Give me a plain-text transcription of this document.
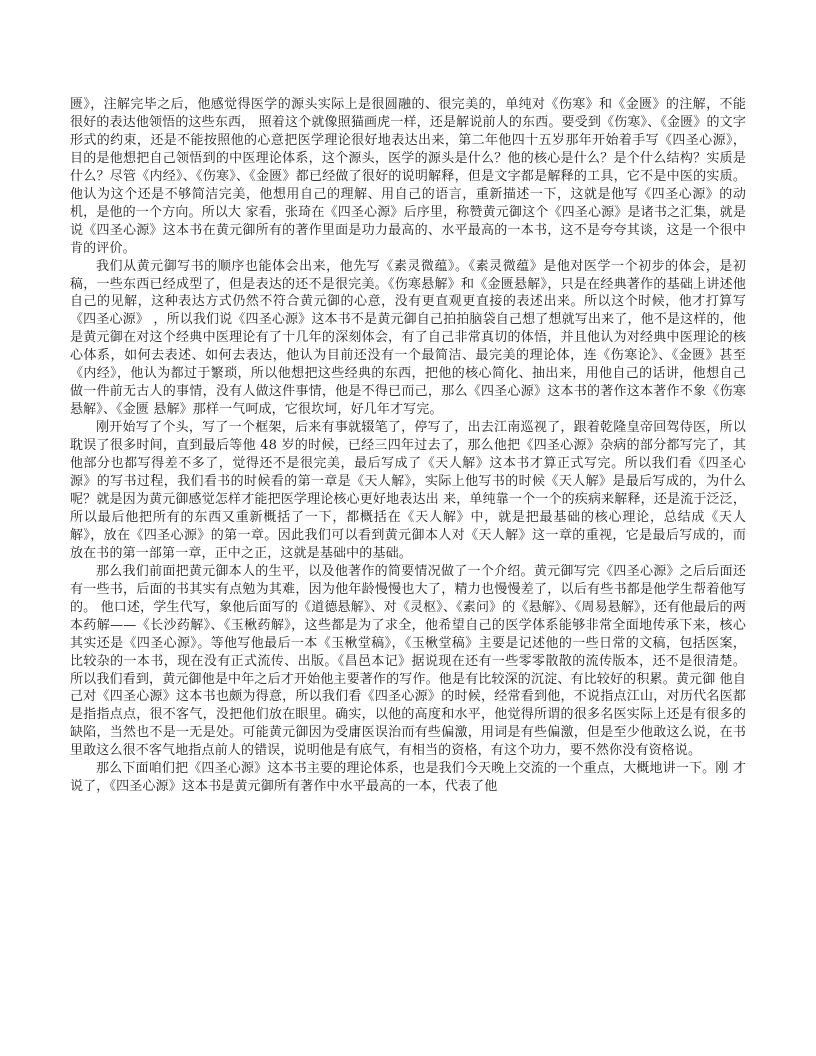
匮》，注解完毕之后，他感觉得医学的源头实际上是很圆融的、很完美的，单纯对《伤寒》和《金匮》的注解，不能很好的表达他领悟的这些东西， 照着这个就像照猫画虎一样，还是解说前人的东西。要受到《伤寒》、《金匮》的文字形式的约束，还是不能按照他的心意把医学理论很好地表达出来，第二年他四十五岁那年开始着手写《四圣心源》，目的是他想把自己领悟到的中医理论体系，这个源头，医学的源头是什么？他的核心是什么？是个什么结构？实质是什么？尽管《内经》、《伤寒》、《金匮》都已经做了很好的说明解释，但是文字都是解释的工具，它不是中医的实质。他认为这个还是不够简洁完美，他想用自己的理解、用自己的语言，重新描述一下，这就是他写《四圣心源》的动机，是他的一个方向。所以大 家看，张琦在《四圣心源》后序里，称赞黄元御这个《四圣心源》是诸书之汇集，就是说《四圣心源》这本书在黄元御所有的著作里面是功力最高的、水平最高的一本书，这不是夸夸其谈，这是一个很中肯的评价。

我们从黄元御写书的顺序也能体会出来，他先写《素灵微蕴》。《素灵微蕴》是他对医学一个初步的体会，是初稿，一些东西已经成型了，但是表达的还不是很完美。《伤寒悬解》和《金匮悬解》，只是在经典著作的基础上讲述他自己的见解，这种表达方式仍然不符合黄元御的心意，没有更直观更直接的表述出来。所以这个时候，他才打算写《四圣心源》 ，所以我们说《四圣心源》这本书不是黄元御自己拍拍脑袋自己想了想就写出来了，他不是这样的，他是黄元御在对这个经典中医理论有了十几年的深刻体会，有了自己非常真切的体悟，并且他认为对经典中医理论的核心体系，如何去表述、如何去表达，他认为目前还没有一个最简洁、最完美的理论体，连《伤寒论》、《金匮》甚至《内经》，他认为都过于繁琐，所以他想把这些经典的东西，把他的核心简化、抽出来，用他自己的话讲，他想自己做一件前无古人的事情，没有人做这件事情，他是不得已而己，那么《四圣心源》这本书的著作这本著作不象《伤寒悬解》、《金匮 悬解》那样一气呵成，它很坎坷，好几年才写完。

刚开始写了个头，写了一个框架，后来有事就辍笔了，停写了，出去江南巡视了，跟着乾隆皇帝回驾侍医，所以耽误了很多时间，直到最后等他 48 岁的时候，已经三四年过去了，那么他把《四圣心源》杂病的部分都写完了，其他部分也都写得差不多了，觉得还不是很完美，最后写成了《天人解》这本书才算正式写完。所以我们看《四圣心源》的写书过程，我们看书的时候看的第一章是《天人解》，实际上他写书的时候《天人解》是最后写成的，为什么呢？就是因为黄元御感觉怎样才能把医学理论核心更好地表达出 来，单纯靠一个一个的疾病来解释，还是流于泛泛，所以最后他把所有的东西又重新概括了一下，都概括在《天人解》中，就是把最基础的核心理论，总结成《天人解》，放在《四圣心源》的第一章。因此我们可以看到黄元御本人对《天人解》这一章的重视，它是最后写成的，而放在书的第一部第一章，正中之正，这就是基础中的基础。

那么我们前面把黄元御本人的生平，以及他著作的简要情况做了一个介绍。黄元御写完《四圣心源》之后后面还有一些书，后面的书其实有点勉为其难，因为他年龄慢慢也大了，精力也慢慢差了，以后有些书都是他学生帮着他写的。 他口述，学生代写，象他后面写的《道德悬解》、对《灵枢》、《素问》的《悬解》、《周易悬解》，还有他最后的两本药解——《长沙药解》、《玉楸药解》，这些都是为了求全，他希望自己的医学体系能够非常全面地传承下来，核心其实还是《四圣心源》。等他写他最后一本《玉楸堂稿》，《玉楸堂稿》主要是记述他的一些日常的文稿，包括医案，比较杂的一本书，现在没有正式流传、出版。《昌邑本记》据说现在还有一些零零散散的流传版本，还不是很清楚。所以我们看到，黄元御他是中年之后才开始他主要著作的写作。他是有比较深的沉淀、有比较好的积累。黄元御 他自己对《四圣心源》这本书也颇为得意，所以我们看《四圣心源》的时候，经常看到他，不说指点江山，对历代名医都是指指点点，很不客气，没把他们放在眼里。确实，以他的高度和水平，他觉得所谓的很多名医实际上还是有很多的缺陷，当然也不是一无是处。可能黄元御因为受庸医误治而有些偏激，用词是有些偏激，但是至少他敢这么说，在书里敢这么很不客气地指点前人的错误，说明他是有底气，有相当的资格，有这个功力，要不然你没有资格说。

那么下面咱们把《四圣心源》这本书主要的理论体系，也是我们今天晚上交流的一个重点，大概地讲一下。刚 才说了，《四圣心源》这本书是黄元御所有著作中水平最高的一本，代表了他
